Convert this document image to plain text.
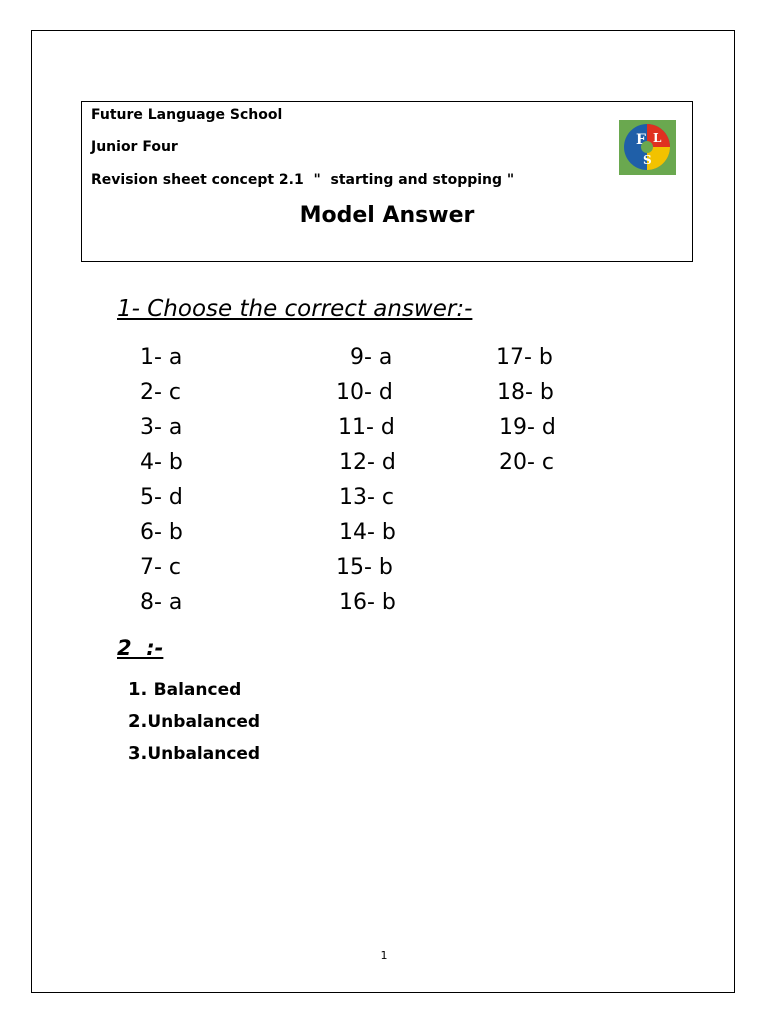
Future Language School
Junior Four
Revision sheet concept 2.1  "  starting and stopping "
F L
S
Model Answer
1- Choose the correct answer:-
1- a
2- c
3- a
4- b
5- d
6- b
7- c
8- a
9- a
10- d
11- d
12- d
13- c
14- b
15- b
16- b
17- b
18- b
19- d
20- c
2  :-
1. Balanced
2.Unbalanced
3.Unbalanced
1
